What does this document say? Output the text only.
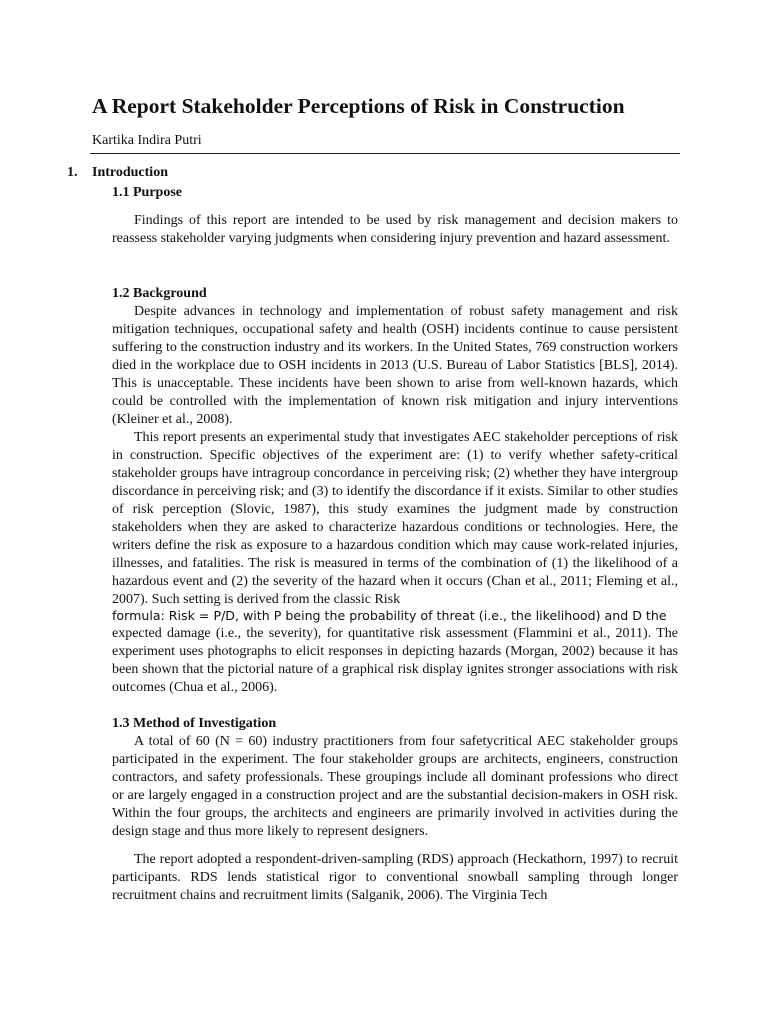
A Report Stakeholder Perceptions of Risk in Construction
Kartika Indira Putri
1. Introduction
1.1 Purpose
Findings of this report are intended to be used by risk management and decision makers to reassess stakeholder varying judgments when considering injury prevention and hazard assessment.
1.2 Background
Despite advances in technology and implementation of robust safety management and risk mitigation techniques, occupational safety and health (OSH) incidents continue to cause persistent suffering to the construction industry and its workers. In the United States, 769 construction workers died in the workplace due to OSH incidents in 2013 (U.S. Bureau of Labor Statistics [BLS], 2014). This is unacceptable. These incidents have been shown to arise from well-known hazards, which could be controlled with the implementation of known risk mitigation and injury interventions (Kleiner et al., 2008).
This report presents an experimental study that investigates AEC stakeholder perceptions of risk in construction. Specific objectives of the experiment are: (1) to verify whether safety-critical stakeholder groups have intragroup concordance in perceiving risk; (2) whether they have intergroup discordance in perceiving risk; and (3) to identify the discordance if it exists. Similar to other studies of risk perception (Slovic, 1987), this study examines the judgment made by construction stakeholders when they are asked to characterize hazardous conditions or technologies. Here, the writers define the risk as exposure to a hazardous condition which may cause work-related injuries, illnesses, and fatalities. The risk is measured in terms of the combination of (1) the likelihood of a hazardous event and (2) the severity of the hazard when it occurs (Chan et al., 2011; Fleming et al., 2007). Such setting is derived from the classic Risk
formula: Risk = P/D, with P being the probability of threat (i.e., the likelihood) and D the
expected damage (i.e., the severity), for quantitative risk assessment (Flammini et al., 2011). The experiment uses photographs to elicit responses in depicting hazards (Morgan, 2002) because it has been shown that the pictorial nature of a graphical risk display ignites stronger associations with risk outcomes (Chua et al., 2006).
1.3 Method of Investigation
A total of 60 (N = 60) industry practitioners from four safetycritical AEC stakeholder groups participated in the experiment. The four stakeholder groups are architects, engineers, construction contractors, and safety professionals. These groupings include all dominant professions who direct or are largely engaged in a construction project and are the substantial decision-makers in OSH risk. Within the four groups, the architects and engineers are primarily involved in activities during the design stage and thus more likely to represent designers.
The report adopted a respondent-driven-sampling (RDS) approach (Heckathorn, 1997) to recruit participants. RDS lends statistical rigor to conventional snowball sampling through longer recruitment chains and recruitment limits (Salganik, 2006). The Virginia Tech
